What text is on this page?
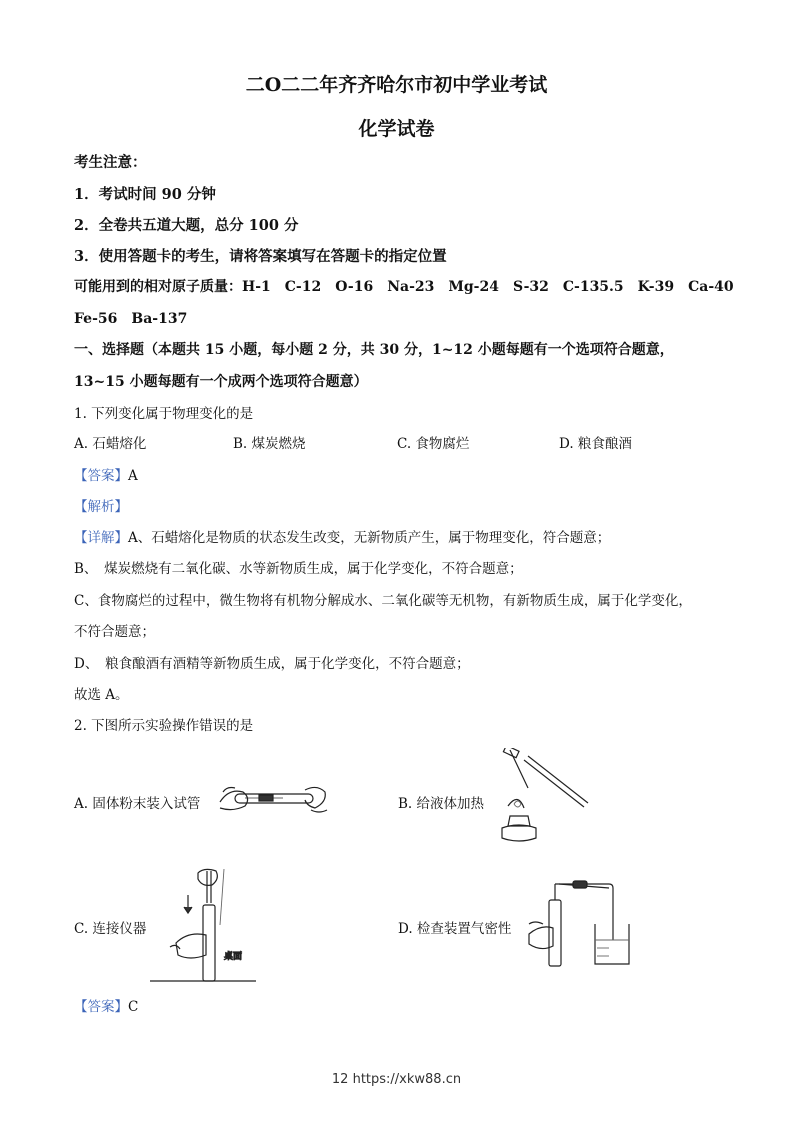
二O二二年齐齐哈尔市初中学业考试
化学试卷
考生注意：
1．考试时间 90 分钟
2．全卷共五道大题，总分 100 分
3．使用答题卡的考生，请将答案填写在答题卡的指定位置
可能用到的相对原子质量：H-1　C-12　O-16　Na-23　Mg-24　S-32　C-135.5　K-39　Ca-40
Fe-56　Ba-137
一、选择题（本题共 15 小题，每小题 2 分，共 30 分，1~12 小题每题有一个选项符合题意，
13~15 小题每题有一个成两个选项符合题意）
1. 下列变化属于物理变化的是
A. 石蜡熔化	B. 煤炭燃烧	C. 食物腐烂	D. 粮食酿酒
【答案】A
【解析】
【详解】A、石蜡熔化是物质的状态发生改变，无新物质产生，属于物理变化，符合题意；
B、　煤炭燃烧有二氧化碳、水等新物质生成，属于化学变化，不符合题意；
C、食物腐烂的过程中，微生物将有机物分解成水、二氧化碳等无机物，有新物质生成，属于化学变化，
不符合题意；
D、　粮食酿酒有酒精等新物质生成，属于化学变化，不符合题意；
故选 A。
2. 下图所示实验操作错误的是
A. 固体粉末装入试管	B. 给液体加热
C. 连接仪器	D. 检查装置气密性
桌面
【答案】C
12 https://xkw88.cn
